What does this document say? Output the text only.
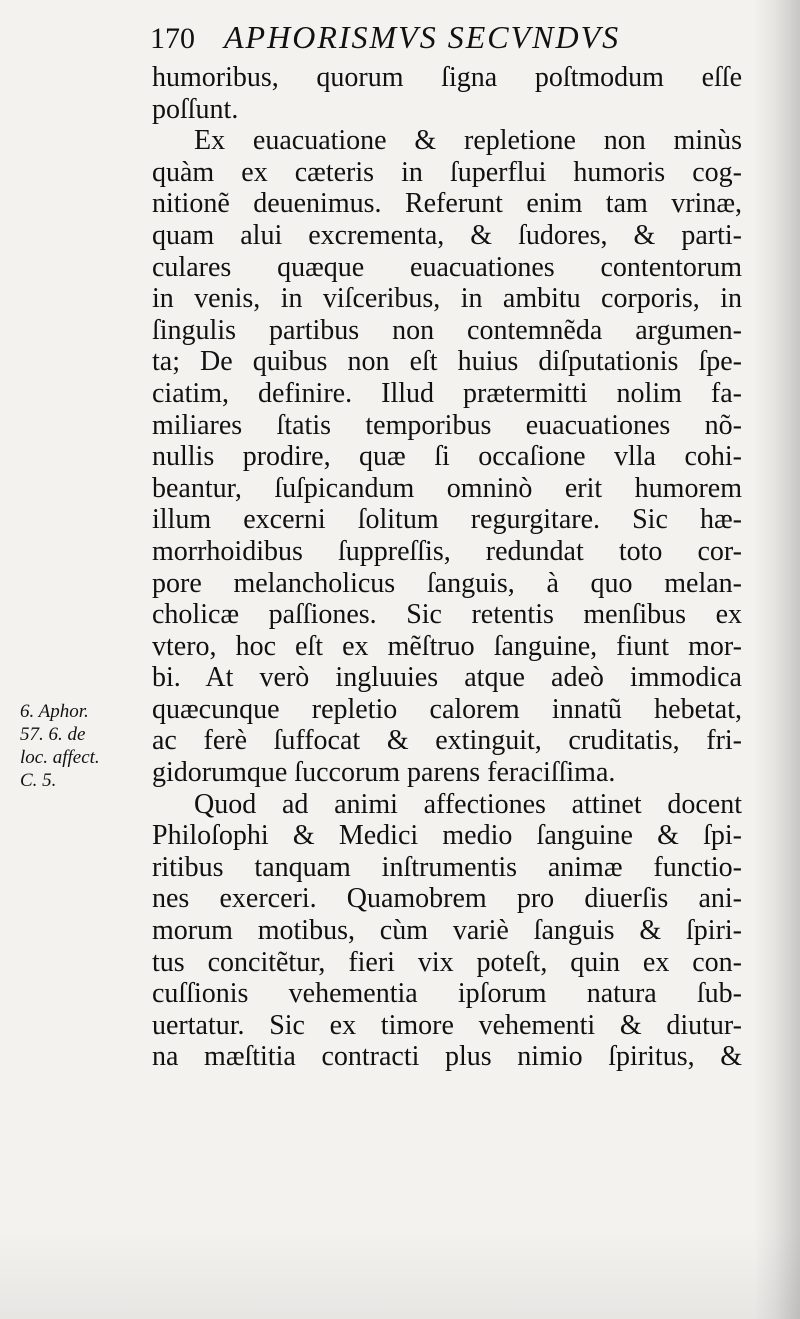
170 APHORISMVS SECVNDVS
6. Aphor.
57. 6. de
loc. affect.
C. 5.
humoribus, quorum ſigna poſtmodum eſſe
poſſunt.
Ex euacuatione & repletione non minùs
quàm ex cæteris in ſuperflui humoris cog-
nitionẽ deuenimus. Referunt enim tam vrinæ,
quam alui excrementa, & ſudores, & parti-
culares quæque euacuationes contentorum
in venis, in viſceribus, in ambitu corporis, in
ſingulis partibus non contemnẽda argumen-
ta; De quibus non eſt huius diſputationis ſpe-
ciatim, definire. Illud prætermitti nolim fa-
miliares ſtatis temporibus euacuationes nõ-
nullis prodire, quæ ſi occaſione vlla cohi-
beantur, ſuſpicandum omninò erit humorem
illum excerni ſolitum regurgitare. Sic hæ-
morrhoidibus ſuppreſſis, redundat toto cor-
pore melancholicus ſanguis, à quo melan-
cholicæ paſſiones. Sic retentis menſibus ex
vtero, hoc eſt ex mẽſtruo ſanguine, fiunt mor-
bi. At verò ingluuies atque adeò immodica
quæcunque repletio calorem innatũ hebetat,
ac ferè ſuffocat & extinguit, cruditatis, fri-
gidorumque ſuccorum parens feraciſſima.
Quod ad animi affectiones attinet docent
Philoſophi & Medici medio ſanguine & ſpi-
ritibus tanquam inſtrumentis animæ functio-
nes exerceri. Quamobrem pro diuerſis ani-
morum motibus, cùm variè ſanguis & ſpiri-
tus concitẽtur, fieri vix poteſt, quin ex con-
cuſſionis vehementia ipſorum natura ſub-
uertatur. Sic ex timore vehementi & diutur-
na mæſtitia contracti plus nimio ſpiritus, &
